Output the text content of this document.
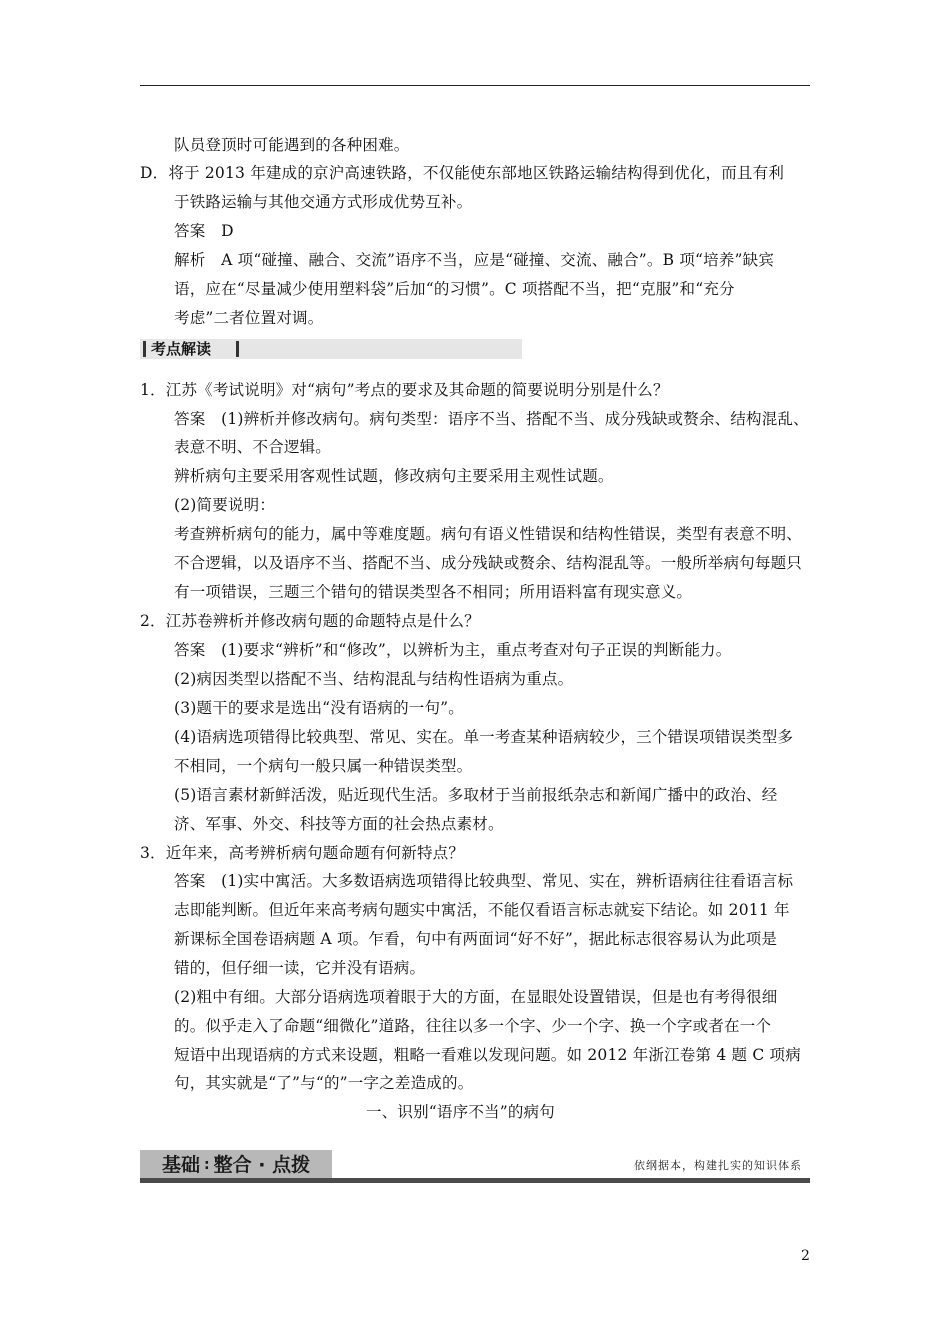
队员登顶时可能遇到的各种困难。
D．将于 2013 年建成的京沪高速铁路，不仅能使东部地区铁路运输结构得到优化，而且有利
于铁路运输与其他交通方式形成优势互补。
答案　D
解析　A 项“碰撞、融合、交流”语序不当，应是“碰撞、交流、融合”。B 项“培养”缺宾
语，应在“尽量减少使用塑料袋”后加“的习惯”。C 项搭配不当，把“克服”和“充分
考虑”二者位置对调。
考点解读
1．江苏《考试说明》对“病句”考点的要求及其命题的简要说明分别是什么？
答案　(1)辨析并修改病句。病句类型：语序不当、搭配不当、成分残缺或赘余、结构混乱、
表意不明、不合逻辑。
辨析病句主要采用客观性试题，修改病句主要采用主观性试题。
(2)简要说明：
考查辨析病句的能力，属中等难度题。病句有语义性错误和结构性错误，类型有表意不明、
不合逻辑，以及语序不当、搭配不当、成分残缺或赘余、结构混乱等。一般所举病句每题只
有一项错误，三题三个错句的错误类型各不相同；所用语料富有现实意义。
2．江苏卷辨析并修改病句题的命题特点是什么？
答案　(1)要求“辨析”和“修改”，以辨析为主，重点考查对句子正误的判断能力。
(2)病因类型以搭配不当、结构混乱与结构性语病为重点。
(3)题干的要求是选出“没有语病的一句”。
(4)语病选项错得比较典型、常见、实在。单一考查某种语病较少，三个错误项错误类型多
不相同，一个病句一般只属一种错误类型。
(5)语言素材新鲜活泼，贴近现代生活。多取材于当前报纸杂志和新闻广播中的政治、经
济、军事、外交、科技等方面的社会热点素材。
3．近年来，高考辨析病句题命题有何新特点？
答案　(1)实中寓活。大多数语病选项错得比较典型、常见、实在，辨析语病往往看语言标
志即能判断。但近年来高考病句题实中寓活，不能仅看语言标志就妄下结论。如 2011 年
新课标全国卷语病题 A 项。乍看，句中有两面词“好不好”，据此标志很容易认为此项是
错的，但仔细一读，它并没有语病。
(2)粗中有细。大部分语病选项着眼于大的方面，在显眼处设置错误，但是也有考得很细
的。似乎走入了命题“细微化”道路，往往以多一个字、少一个字、换一个字或者在一个
短语中出现语病的方式来设题，粗略一看难以发现问题。如 2012 年浙江卷第 4 题 C 项病
句，其实就是“了”与“的”一字之差造成的。
一、识别“语序不当”的病句
基础 : 整合 · 点拨	依纲据本，构建扎实的知识体系
2
